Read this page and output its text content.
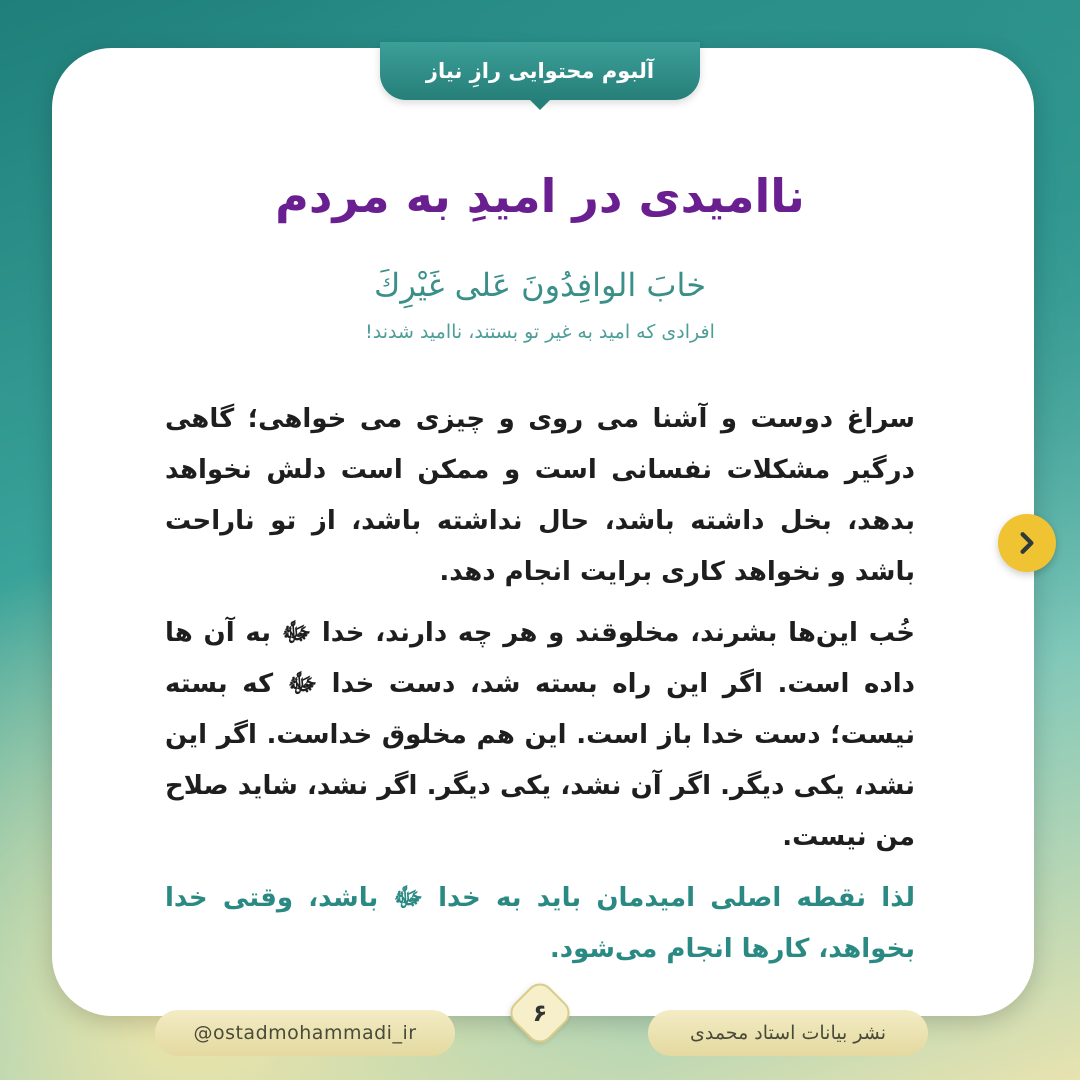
آلبوم محتوایی رازِ نیاز
ناامیدی در امیدِ به مردم
خابَ الوافِدُونَ عَلى غَيْرِكَ
افرادی که امید به غیر تو بستند، ناامید شدند!

سراغ دوست و آشنا می روی و چیزی می خواهی؛ گاهی درگیر مشکلات نفسانی است و ممکن است دلش نخواهد بدهد، بخل داشته باشد، حال نداشته باشد، از تو ناراحت باشد و نخواهد کاری برایت انجام دهد.

خُب این‌ها بشرند، مخلوقند و هر چه دارند، خدا ﷻ به آن ها داده است. اگر این راه بسته شد، دست خدا ﷻ که بسته نیست؛ دست خدا باز است. این هم مخلوق خداست. اگر این نشد، یکی دیگر. اگر آن نشد، یکی دیگر. اگر نشد، شاید صلاح من نیست.

لذا نقطه اصلی امیدمان باید به خدا ﷻ باشد، وقتی خدا بخواهد، کارها انجام می‌شود.

@ostadmohammadi_ir
۶
نشر بیانات استاد محمدی
